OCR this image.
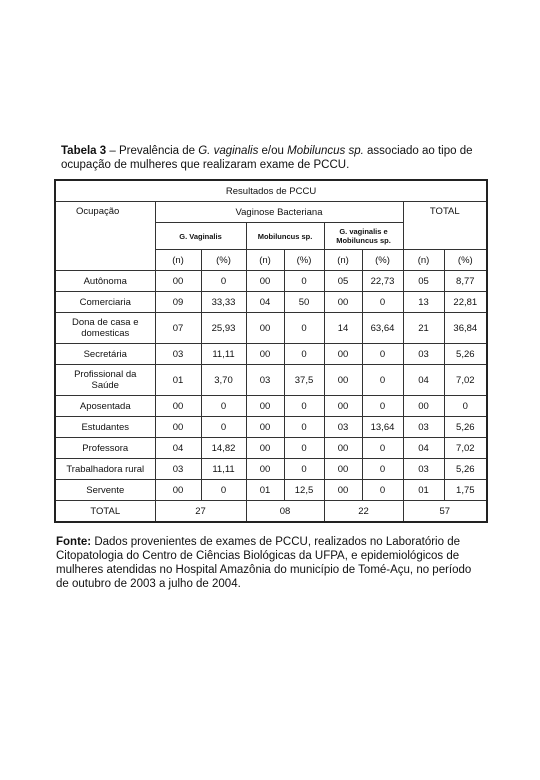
Tabela 3 – Prevalência de G. vaginalis e/ou Mobiluncus sp. associado ao tipo de ocupação de mulheres que realizaram exame de PCCU.
Resultados de PCCU								
Ocupação	Vaginose Bacteriana						TOTAL	
	G. Vaginalis		Mobiluncus sp.		G. vaginalis e Mobiluncus sp.			
	(n)	(%)	(n)	(%)	(n)	(%)	(n)	(%)
Autônoma	00	0	00	0	05	22,73	05	8,77
Comerciaria	09	33,33	04	50	00	0	13	22,81
Dona de casa e domesticas	07	25,93	00	0	14	63,64	21	36,84
Secretária	03	11,11	00	0	00	0	03	5,26
Profissional da Saúde	01	3,70	03	37,5	00	0	04	7,02
Aposentada	00	0	00	0	00	0	00	0
Estudantes	00	0	00	0	03	13,64	03	5,26
Professora	04	14,82	00	0	00	0	04	7,02
Trabalhadora rural	03	11,11	00	0	00	0	03	5,26
Servente	00	0	01	12,5	00	0	01	1,75
TOTAL	27		08		22		57	
Fonte: Dados provenientes de exames de PCCU, realizados no Laboratório de Citopatologia do Centro de Ciências Biológicas da UFPA, e epidemiológicos de mulheres atendidas no Hospital Amazônia do município de Tomé-Açu, no período de outubro de 2003 a julho de 2004.
